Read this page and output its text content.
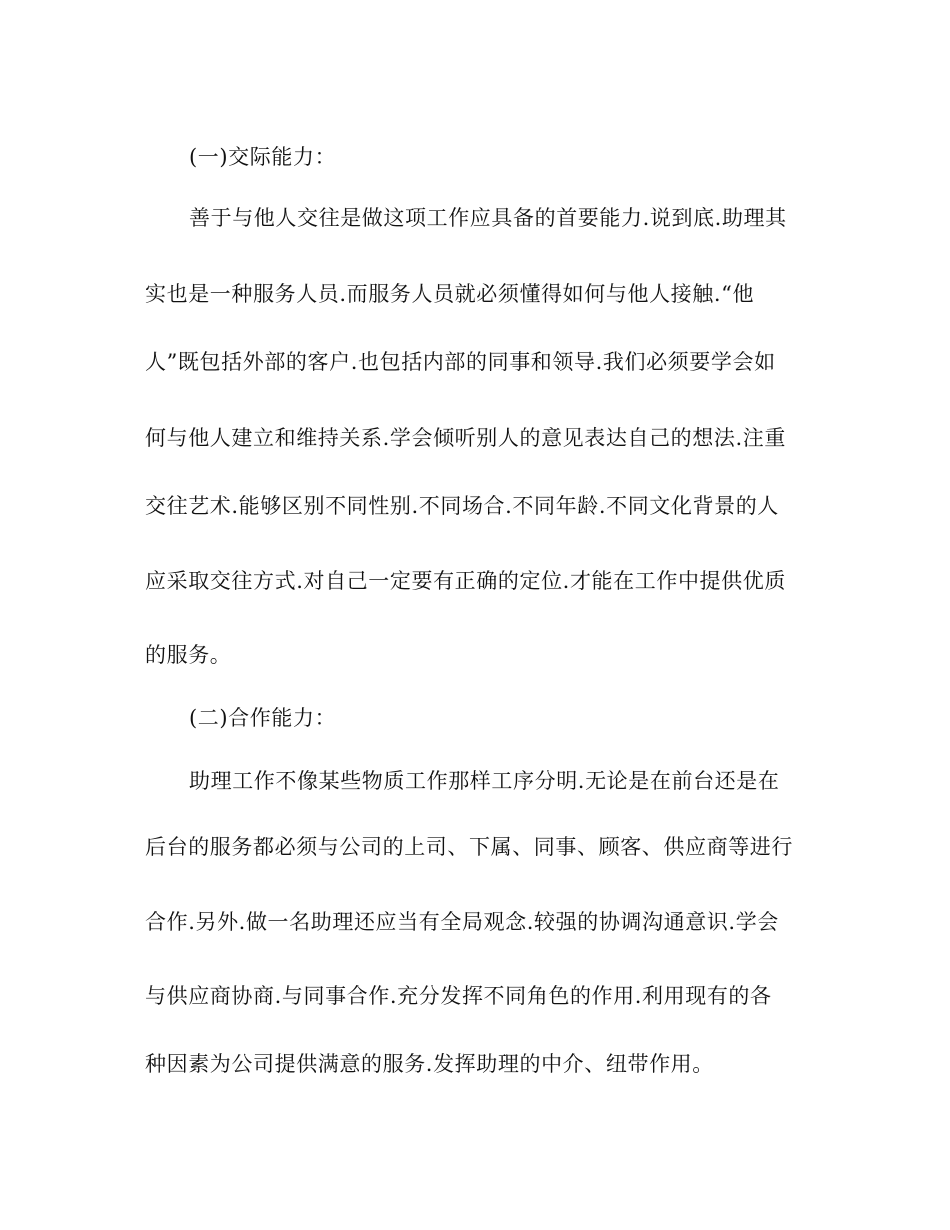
(一)交际能力：
善于与他人交往是做这项工作应具备的首要能力.说到底.助理其
实也是一种服务人员.而服务人员就必须懂得如何与他人接触.“他
人”既包括外部的客户.也包括内部的同事和领导.我们必须要学会如
何与他人建立和维持关系.学会倾听别人的意见表达自己的想法.注重
交往艺术.能够区别不同性别.不同场合.不同年龄.不同文化背景的人
应采取交往方式.对自己一定要有正确的定位.才能在工作中提供优质
的服务。
(二)合作能力：
助理工作不像某些物质工作那样工序分明.无论是在前台还是在
后台的服务都必须与公司的上司、下属、同事、顾客、供应商等进行
合作.另外.做一名助理还应当有全局观念.较强的协调沟通意识.学会
与供应商协商.与同事合作.充分发挥不同角色的作用.利用现有的各
种因素为公司提供满意的服务.发挥助理的中介、纽带作用。
